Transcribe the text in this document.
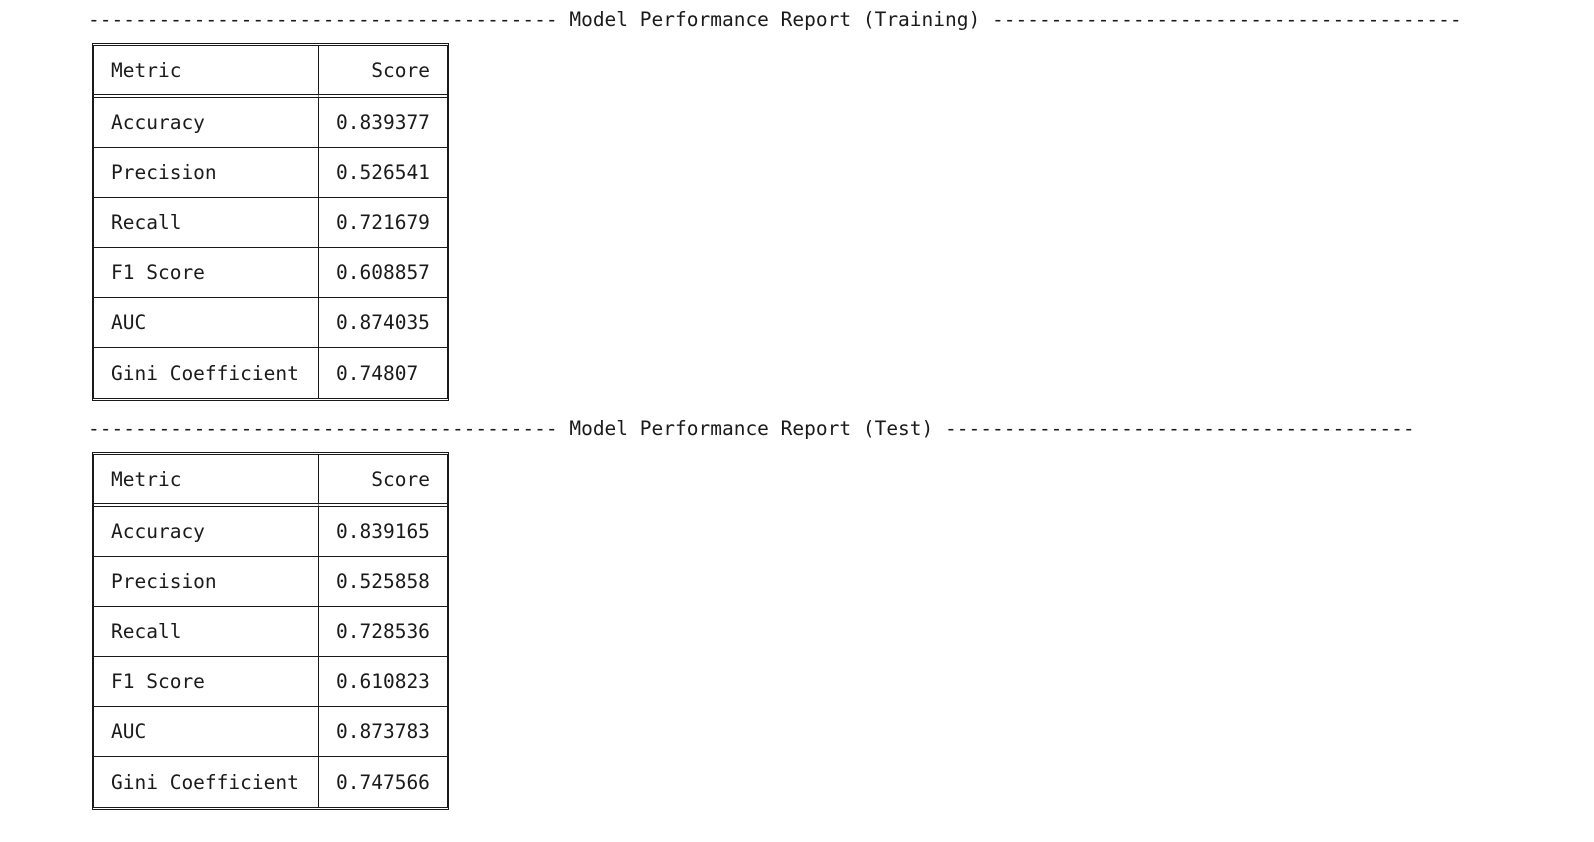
---------------------------------------- Model Performance Report (Training) ----------------------------------------
Metric	Score
Accuracy	0.839377
Precision	0.526541
Recall	0.721679
F1 Score	0.608857
AUC	0.874035
Gini Coefficient	0.74807
---------------------------------------- Model Performance Report (Test) ----------------------------------------
Metric	Score
Accuracy	0.839165
Precision	0.525858
Recall	0.728536
F1 Score	0.610823
AUC	0.873783
Gini Coefficient	0.747566
